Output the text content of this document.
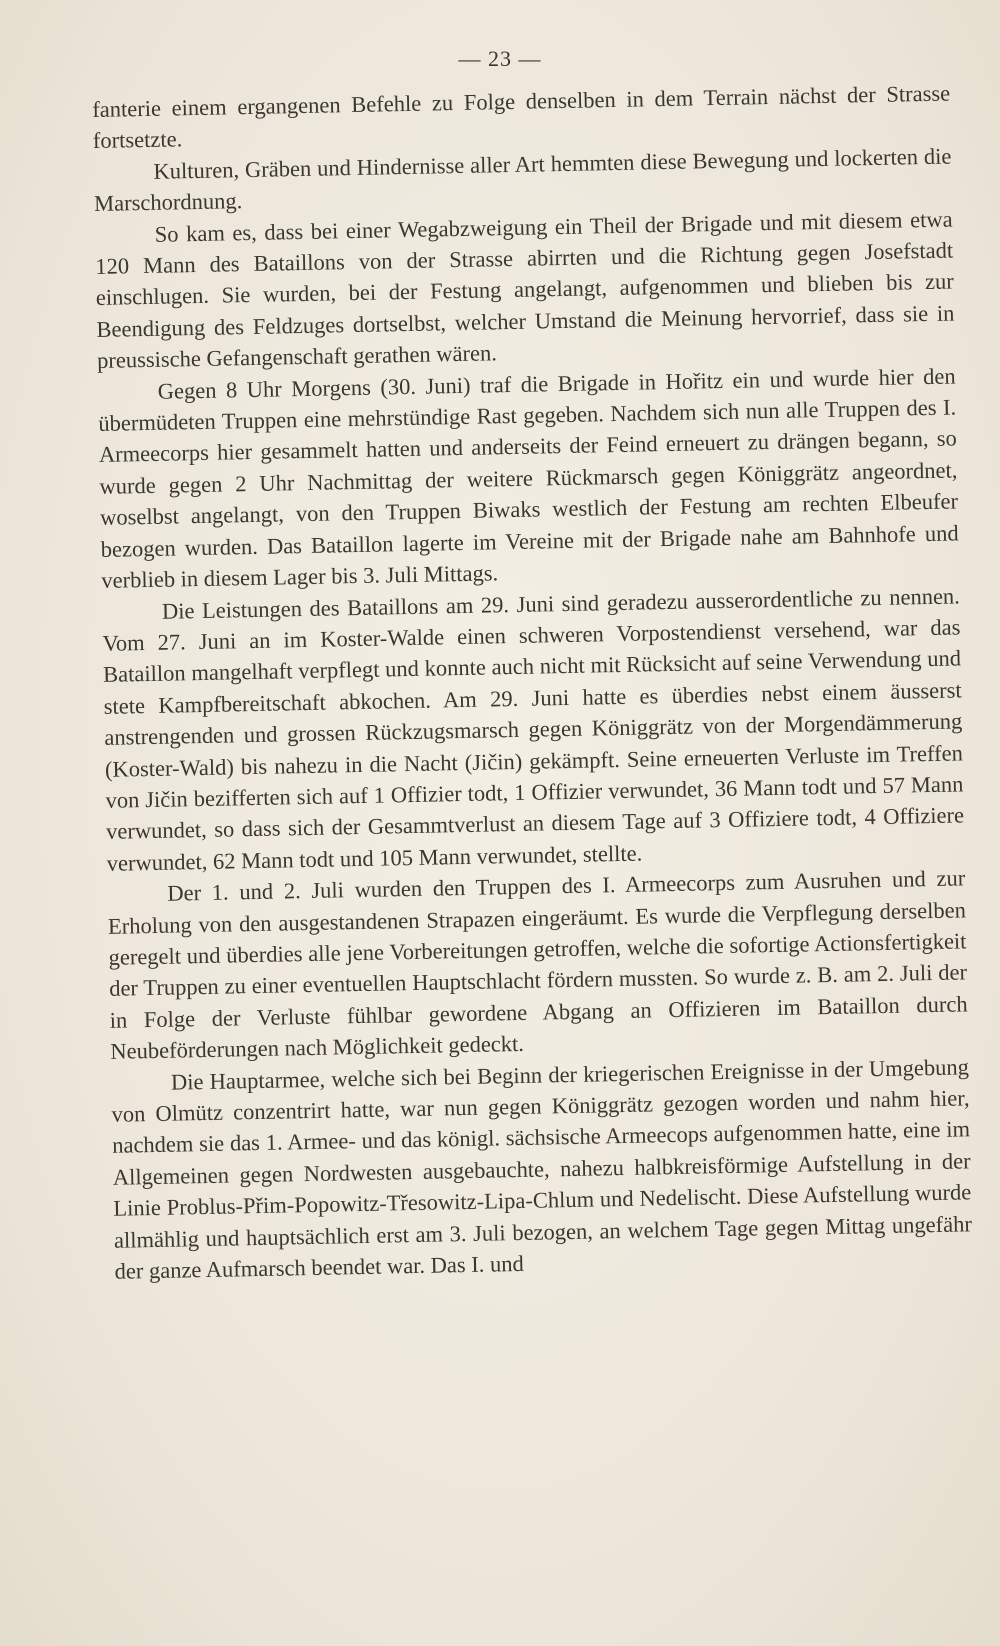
— 23 —

fanterie einem ergangenen Befehle zu Folge denselben in dem Terrain nächst der Strasse fortsetzte.

Kulturen, Gräben und Hindernisse aller Art hemmten diese Bewegung und lockerten die Marschordnung.

So kam es, dass bei einer Wegabzweigung ein Theil der Brigade und mit diesem etwa 120 Mann des Bataillons von der Strasse abirrten und die Richtung gegen Josefstadt einschlugen. Sie wurden, bei der Festung angelangt, aufgenommen und blieben bis zur Beendigung des Feldzuges dortselbst, welcher Umstand die Meinung hervorrief, dass sie in preussische Gefangenschaft gerathen wären.

Gegen 8 Uhr Morgens (30. Juni) traf die Brigade in Hořitz ein und wurde hier den übermüdeten Truppen eine mehrstündige Rast gegeben. Nachdem sich nun alle Truppen des I. Armeecorps hier gesammelt hatten und anderseits der Feind erneuert zu drängen begann, so wurde gegen 2 Uhr Nachmittag der weitere Rückmarsch gegen Königgrätz angeordnet, woselbst angelangt, von den Truppen Biwaks westlich der Festung am rechten Elbeufer bezogen wurden. Das Bataillon lagerte im Vereine mit der Brigade nahe am Bahnhofe und verblieb in diesem Lager bis 3. Juli Mittags.

Die Leistungen des Bataillons am 29. Juni sind geradezu ausserordentliche zu nennen. Vom 27. Juni an im Koster-Walde einen schweren Vorpostendienst versehend, war das Bataillon mangelhaft verpflegt und konnte auch nicht mit Rücksicht auf seine Verwendung und stete Kampfbereitschaft abkochen. Am 29. Juni hatte es überdies nebst einem äusserst anstrengenden und grossen Rückzugsmarsch gegen Königgrätz von der Morgendämmerung (Koster-Wald) bis nahezu in die Nacht (Jičin) gekämpft. Seine erneuerten Verluste im Treffen von Jičin bezifferten sich auf 1 Offizier todt, 1 Offizier verwundet, 36 Mann todt und 57 Mann verwundet, so dass sich der Gesammtverlust an diesem Tage auf 3 Offiziere todt, 4 Offiziere verwundet, 62 Mann todt und 105 Mann verwundet, stellte.

Der 1. und 2. Juli wurden den Truppen des I. Armeecorps zum Ausruhen und zur Erholung von den ausgestandenen Strapazen eingeräumt. Es wurde die Verpflegung derselben geregelt und überdies alle jene Vorbereitungen getroffen, welche die sofortige Actionsfertigkeit der Truppen zu einer eventuellen Hauptschlacht fördern mussten. So wurde z. B. am 2. Juli der in Folge der Verluste fühlbar gewordene Abgang an Offizieren im Bataillon durch Neubeförderungen nach Möglichkeit gedeckt.

Die Hauptarmee, welche sich bei Beginn der kriegerischen Ereignisse in der Umgebung von Olmütz conzentrirt hatte, war nun gegen Königgrätz gezogen worden und nahm hier, nachdem sie das 1. Armee- und das königl. sächsische Armeecops aufgenommen hatte, eine im Allgemeinen gegen Nordwesten ausgebauchte, nahezu halbkreisförmige Aufstellung in der Linie Problus-Přim-Popowitz-Třesowitz-Lipa-Chlum und Nedelischt. Diese Aufstellung wurde allmählig und hauptsächlich erst am 3. Juli bezogen, an welchem Tage gegen Mittag ungefähr der ganze Aufmarsch beendet war. Das I. und
